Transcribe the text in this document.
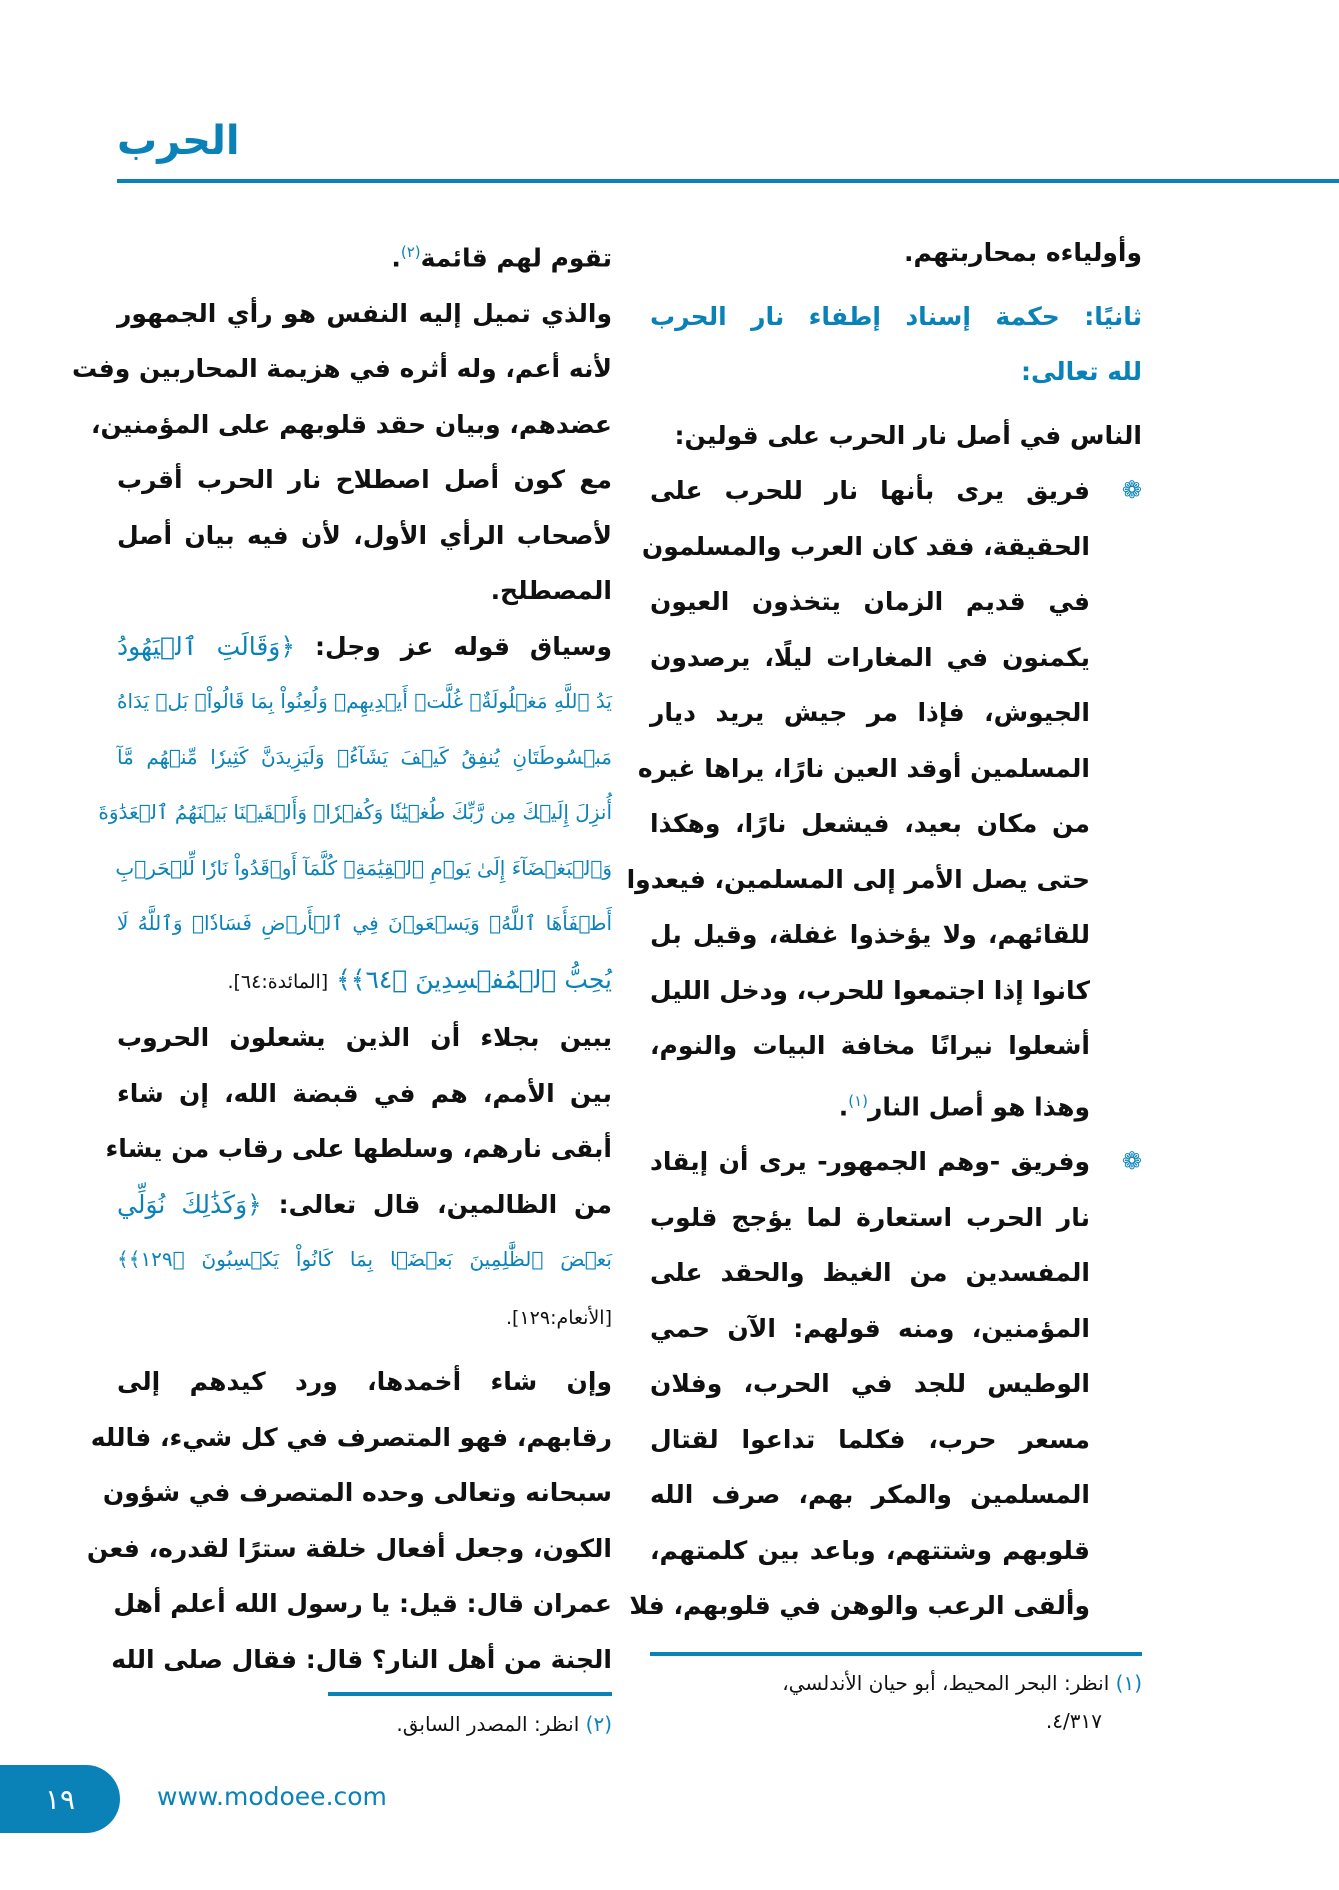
الحرب
وأولياءه بمحاربتهم.
ثانيًا: حكمة إسناد إطفاء نار الحرب
لله تعالى:
الناس في أصل نار الحرب على قولين:
❁
فريق يرى بأنها نار للحرب على
الحقيقة، فقد كان العرب والمسلمون
في قديم الزمان يتخذون العيون
يكمنون في المغارات ليلًا، يرصدون
الجيوش، فإذا مر جيش يريد ديار
المسلمين أوقد العين نارًا، يراها غيره
من مكان بعيد، فيشعل نارًا، وهكذا
حتى يصل الأمر إلى المسلمين، فيعدوا
للقائهم، ولا يؤخذوا غفلة، وقيل بل
كانوا إذا اجتمعوا للحرب، ودخل الليل
أشعلوا نيرانًا مخافة البيات والنوم،
وهذا هو أصل النار$^{(١)}$.
❁
وفريق -وهم الجمهور- يرى أن إيقاد
نار الحرب استعارة لما يؤجج قلوب
المفسدين من الغيظ والحقد على
المؤمنين، ومنه قولهم: الآن حمي
الوطيس للجد في الحرب، وفلان
مسعر حرب، فكلما تداعوا لقتال
المسلمين والمكر بهم، صرف الله
قلوبهم وشتتهم، وباعد بين كلمتهم،
وألقى الرعب والوهن في قلوبهم، فلا
تقوم لهم قائمة$^{(٢)}$.
والذي تميل إليه النفس هو رأي الجمهور
لأنه أعم، وله أثره في هزيمة المحاربين وفت
عضدهم، وبيان حقد قلوبهم على المؤمنين،
مع كون أصل اصطلاح نار الحرب أقرب
لأصحاب الرأي الأول، لأن فيه بيان أصل
المصطلح.
وسياق قوله عز وجل: ﴿وَقَالَتِ ٱلۡيَهُودُ
يَدُ ٱللَّهِ مَغۡلُولَةٌۚ غُلَّتۡ أَيۡدِيهِمۡ وَلُعِنُواْ بِمَا قَالُواْۘ بَلۡ يَدَاهُ
مَبۡسُوطَتَانِ يُنفِقُ كَيۡفَ يَشَآءُۚ وَلَيَزِيدَنَّ كَثِيرٗا مِّنۡهُم مَّآ
أُنزِلَ إِلَيۡكَ مِن رَّبِّكَ طُغۡيَٰنٗا وَكُفۡرٗاۚ وَأَلۡقَيۡنَا بَيۡنَهُمُ ٱلۡعَدَٰوَةَ
وَٱلۡبَغۡضَآءَ إِلَىٰ يَوۡمِ ٱلۡقِيَٰمَةِۚ كُلَّمَآ أَوۡقَدُواْ نَارٗا لِّلۡحَرۡبِ
أَطۡفَأَهَا ٱللَّهُۚ وَيَسۡعَوۡنَ فِي ٱلۡأَرۡضِ فَسَادٗاۚ وَٱللَّهُ لَا
يُحِبُّ ٱلۡمُفۡسِدِينَ ﴿٦٤﴾﴾ [المائدة:٦٤].
يبين بجلاء أن الذين يشعلون الحروب
بين الأمم، هم في قبضة الله، إن شاء
أبقى نارهم، وسلطها على رقاب من يشاء
من الظالمين، قال تعالى: ﴿وَكَذَٰلِكَ نُوَلِّي
بَعۡضَ ٱلظَّٰلِمِينَ بَعۡضَۢا بِمَا كَانُواْ يَكۡسِبُونَ ﴿١٢٩﴾﴾
[الأنعام:١٢٩].
وإن شاء أخمدها، ورد كيدهم إلى
رقابهم، فهو المتصرف في كل شيء، فالله
سبحانه وتعالى وحده المتصرف في شؤون
الكون، وجعل أفعال خلقة سترًا لقدره، فعن
عمران قال: قيل: يا رسول الله أعلم أهل
الجنة من أهل النار؟ قال: فقال صلى الله
(١) انظر: البحر المحيط، أبو حيان الأندلسي،
٤/٣١٧.
(٢) انظر: المصدر السابق.
١٩	www.modoee.com
